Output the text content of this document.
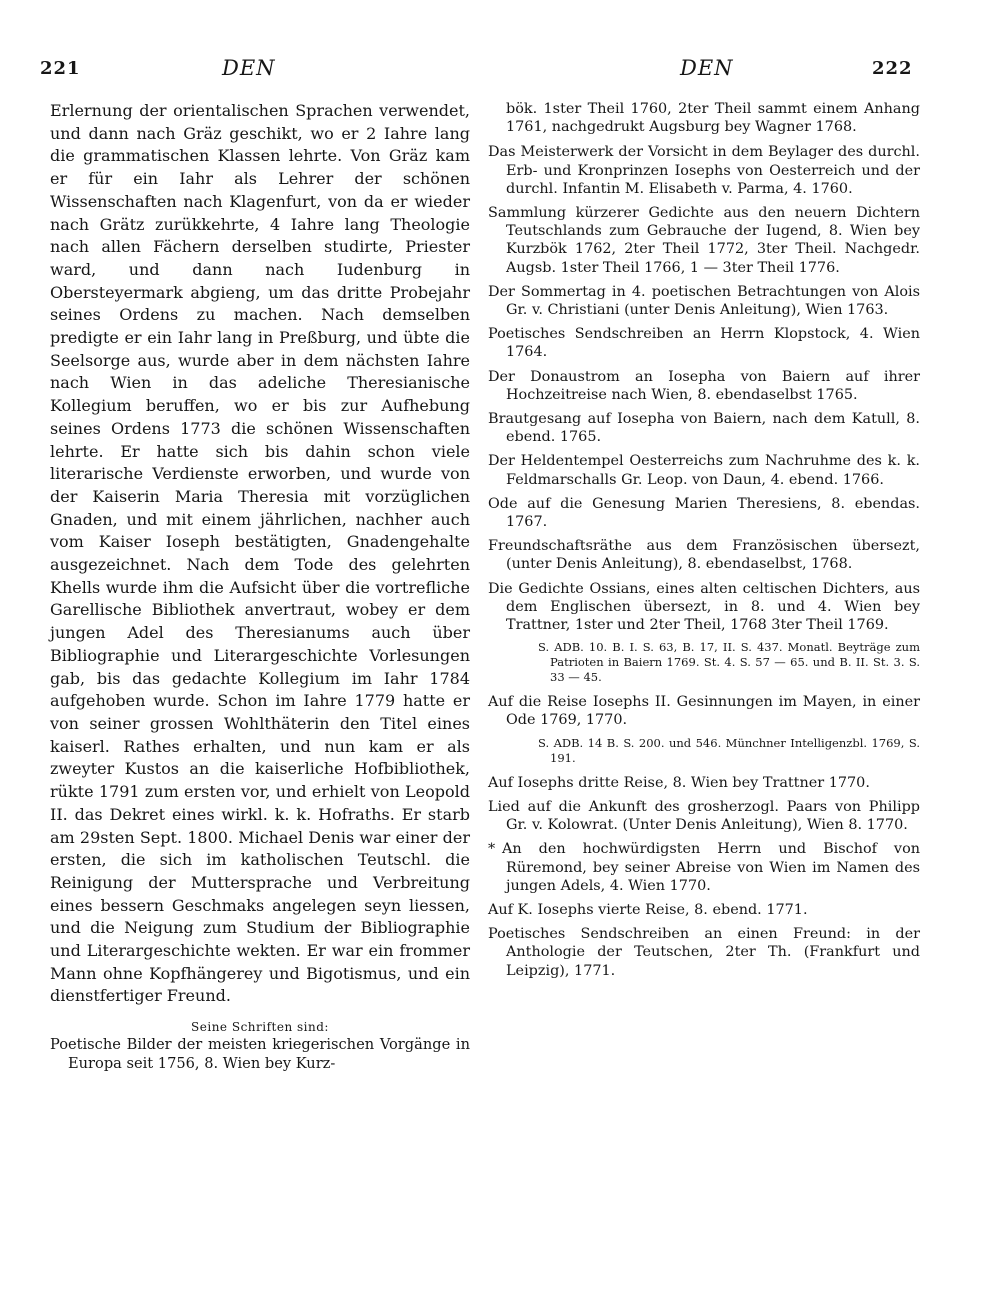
221	DEN	DEN	222

Erlernung der orientalischen Sprachen verwendet, und dann nach Gräz geschikt, wo er 2 Iahre lang die grammatischen Klassen lehrte. Von Gräz kam er für ein Iahr als Lehrer der schönen Wissenschaften nach Klagenfurt, von da er wieder nach Grätz zurükkehrte, 4 Iahre lang Theologie nach allen Fächern derselben studirte, Priester ward, und dann nach Iudenburg in Obersteyermark abgieng, um das dritte Probejahr seines Ordens zu machen. Nach demselben predigte er ein Iahr lang in Preßburg, und übte die Seelsorge aus, wurde aber in dem nächsten Iahre nach Wien in das adeliche Theresianische Kollegium beruffen, wo er bis zur Aufhebung seines Ordens 1773 die schönen Wissenschaften lehrte. Er hatte sich bis dahin schon viele literarische Verdienste erworben, und wurde von der Kaiserin Maria Theresia mit vorzüglichen Gnaden, und mit einem jährlichen, nachher auch vom Kaiser Ioseph bestätigten, Gnadengehalte ausgezeichnet. Nach dem Tode des gelehrten Khells wurde ihm die Aufsicht über die vortrefliche Garellische Bibliothek anvertraut, wobey er dem jungen Adel des Theresianums auch über Bibliographie und Literargeschichte Vorlesungen gab, bis das gedachte Kollegium im Iahr 1784 aufgehoben wurde. Schon im Iahre 1779 hatte er von seiner grossen Wohlthäterin den Titel eines kaiserl. Rathes erhalten, und nun kam er als zweyter Kustos an die kaiserliche Hofbibliothek, rükte 1791 zum ersten vor, und erhielt von Leopold II. das Dekret eines wirkl. k. k. Hofraths. Er starb am 29sten Sept. 1800. Michael Denis war einer der ersten, die sich im katholischen Teutschl. die Reinigung der Muttersprache und Verbreitung eines bessern Geschmaks angelegen seyn liessen, und die Neigung zum Studium der Bibliographie und Literargeschichte wekten. Er war ein frommer Mann ohne Kopfhängerey und Bigotismus, und ein dienstfertiger Freund.

Seine Schriften sind:

Poetische Bilder der meisten kriegerischen Vorgänge in Europa seit 1756, 8. Wien bey Kurz-

bök. 1ster Theil 1760, 2ter Theil sammt einem Anhang 1761, nachgedrukt Augsburg bey Wagner 1768.

Das Meisterwerk der Vorsicht in dem Beylager des durchl. Erb- und Kronprinzen Iosephs von Oesterreich und der durchl. Infantin M. Elisabeth v. Parma, 4. 1760.

Sammlung kürzerer Gedichte aus den neuern Dichtern Teutschlands zum Gebrauche der Iugend, 8. Wien bey Kurzbök 1762, 2ter Theil 1772, 3ter Theil. Nachgedr. Augsb. 1ster Theil 1766, 1 — 3ter Theil 1776.

Der Sommertag in 4. poetischen Betrachtungen von Alois Gr. v. Christiani (unter Denis Anleitung), Wien 1763.

Poetisches Sendschreiben an Herrn Klopstock, 4. Wien 1764.

Der Donaustrom an Iosepha von Baiern auf ihrer Hochzeitreise nach Wien, 8. ebendaselbst 1765.

Brautgesang auf Iosepha von Baiern, nach dem Katull, 8. ebend. 1765.

Der Heldentempel Oesterreichs zum Nachruhme des k. k. Feldmarschalls Gr. Leop. von Daun, 4. ebend. 1766.

Ode auf die Genesung Marien Theresiens, 8. ebendas. 1767.

Freundschaftsräthe aus dem Französischen übersezt, (unter Denis Anleitung), 8. ebendaselbst, 1768.

Die Gedichte Ossians, eines alten celtischen Dichters, aus dem Englischen übersezt, in 8. und 4. Wien bey Trattner, 1ster und 2ter Theil, 1768 3ter Theil 1769.

S. ADB. 10. B. I. S. 63, B. 17, II. S. 437. Monatl. Beyträge zum Patrioten in Baiern 1769. St. 4. S. 57 — 65. und B. II. St. 3. S. 33 — 45.

Auf die Reise Iosephs II. Gesinnungen im Mayen, in einer Ode 1769, 1770.

S. ADB. 14 B. S. 200. und 546. Münchner Intelligenzbl. 1769, S. 191.

Auf Iosephs dritte Reise, 8. Wien bey Trattner 1770.

Lied auf die Ankunft des grosherzogl. Paars von Philipp Gr. v. Kolowrat. (Unter Denis Anleitung), Wien 8. 1770.

* An den hochwürdigsten Herrn und Bischof von Rüremond, bey seiner Abreise von Wien im Namen des jungen Adels, 4. Wien 1770.

Auf K. Iosephs vierte Reise, 8. ebend. 1771.

Poetisches Sendschreiben an einen Freund: in der Anthologie der Teutschen, 2ter Th. (Frankfurt und Leipzig), 1771.
